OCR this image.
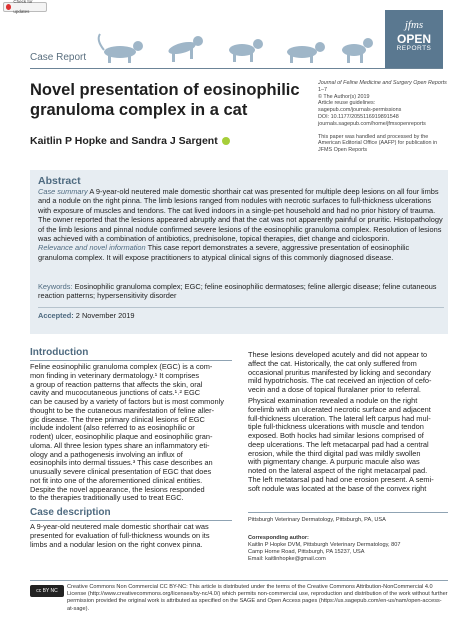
Check for updates
Case Report
jfms
OPEN
REPORTS
Novel presentation of eosinophilic granuloma complex in a cat
Journal of Feline Medicine and Surgery Open Reports
1–7
© The Author(s) 2019
Article reuse guidelines:
sagepub.com/journals-permissions
DOI: 10.1177/2055116919891548
journals.sagepub.com/home/jfmsopenreports
This paper was handled and processed by the American Editorial Office (AAFP) for publication in JFMS Open Reports
Kaitlin P Hopke and Sandra J Sargent
Abstract
Case summary A 9-year-old neutered male domestic shorthair cat was presented for multiple deep lesions on all four limbs and a nodule on the right pinna. The limb lesions ranged from nodules with necrotic surfaces to full-thickness ulcerations with exposure of muscles and tendons. The cat lived indoors in a single-pet household and had no prior history of trauma. The owner reported that the lesions appeared abruptly and that the cat was not apparently painful or pruritic. Histopathology of the limb lesions and pinnal nodule confirmed severe lesions of the eosinophilic granuloma complex. Resolution of lesions was achieved with a combination of antibiotics, prednisolone, topical therapies, diet change and ciclosporin.
Relevance and novel information This case report demonstrates a severe, aggressive presentation of eosinophilic granuloma complex. It will expose practitioners to atypical clinical signs of this commonly diagnosed disease.
Keywords: Eosinophilic granuloma complex; EGC; feline eosinophilic dermatoses; feline allergic disease; feline cutaneous reaction patterns; hypersensitivity disorder
Accepted: 2 November 2019
Introduction
Feline eosinophilic granuloma complex (EGC) is a com-
mon finding in veterinary dermatology.¹ It comprises
a group of reaction patterns that affects the skin, oral
cavity and mucocutaneous junctions of cats.¹˒² EGC
can be caused by a variety of factors but is most commonly
thought to be the cutaneous manifestation of feline aller-
gic disease. The three primary clinical lesions of EGC
include indolent (also referred to as eosinophilic or
rodent) ulcer, eosinophilic plaque and eosinophilic gran-
uloma. All three lesion types share an inflammatory eti-
ology and a pathogenesis involving an influx of
eosinophils into dermal tissues.³ This case describes an
unusually severe clinical presentation of EGC that does
not fit into one of the aforementioned clinical entities.
Despite the novel appearance, the lesions responded
to the therapies traditionally used to treat EGC.
Case description
A 9-year-old neutered male domestic shorthair cat was
presented for evaluation of full-thickness wounds on its
limbs and a nodular lesion on the right convex pinna.
These lesions developed acutely and did not appear to
affect the cat. Historically, the cat only suffered from
occasional pruritus manifested by licking and secondary
mild hypotrichosis. The cat received an injection of cefo-
vecin and a dose of topical fluralaner prior to referral.
Physical examination revealed a nodule on the right
forelimb with an ulcerated necrotic surface and adjacent
full-thickness ulceration. The lateral left carpus had mul-
tiple full-thickness ulcerations with muscle and tendon
exposed. Both hocks had similar lesions comprised of
deep ulcerations. The left metacarpal pad had a central
erosion, while the third digital pad was mildly swollen
with pigmentary change. A purpuric macule also was
noted on the lateral aspect of the right metacarpal pad.
The left metatarsal pad had one erosion present. A semi-
soft nodule was located at the base of the convex right
Pittsburgh Veterinary Dermatology, Pittsburgh, PA, USA
Corresponding author:
Kaitlin P Hopke DVM, Pittsburgh Veterinary Dermatology, 807
Camp Horne Road, Pittsburgh, PA 15237, USA
Email: kaitlinhopke@gmail.com
cc BY NC
Creative Commons Non Commercial CC BY-NC: This article is distributed under the terms of the Creative Commons Attribution-NonCommercial 4.0 License (http://www.creativecommons.org/licenses/by-nc/4.0/) which permits non-commercial use, reproduction and distribution of the work without further permission provided the original work is attributed as specified on the SAGE and Open Access pages (https://us.sagepub.com/en-us/nam/open-access-at-sage).
